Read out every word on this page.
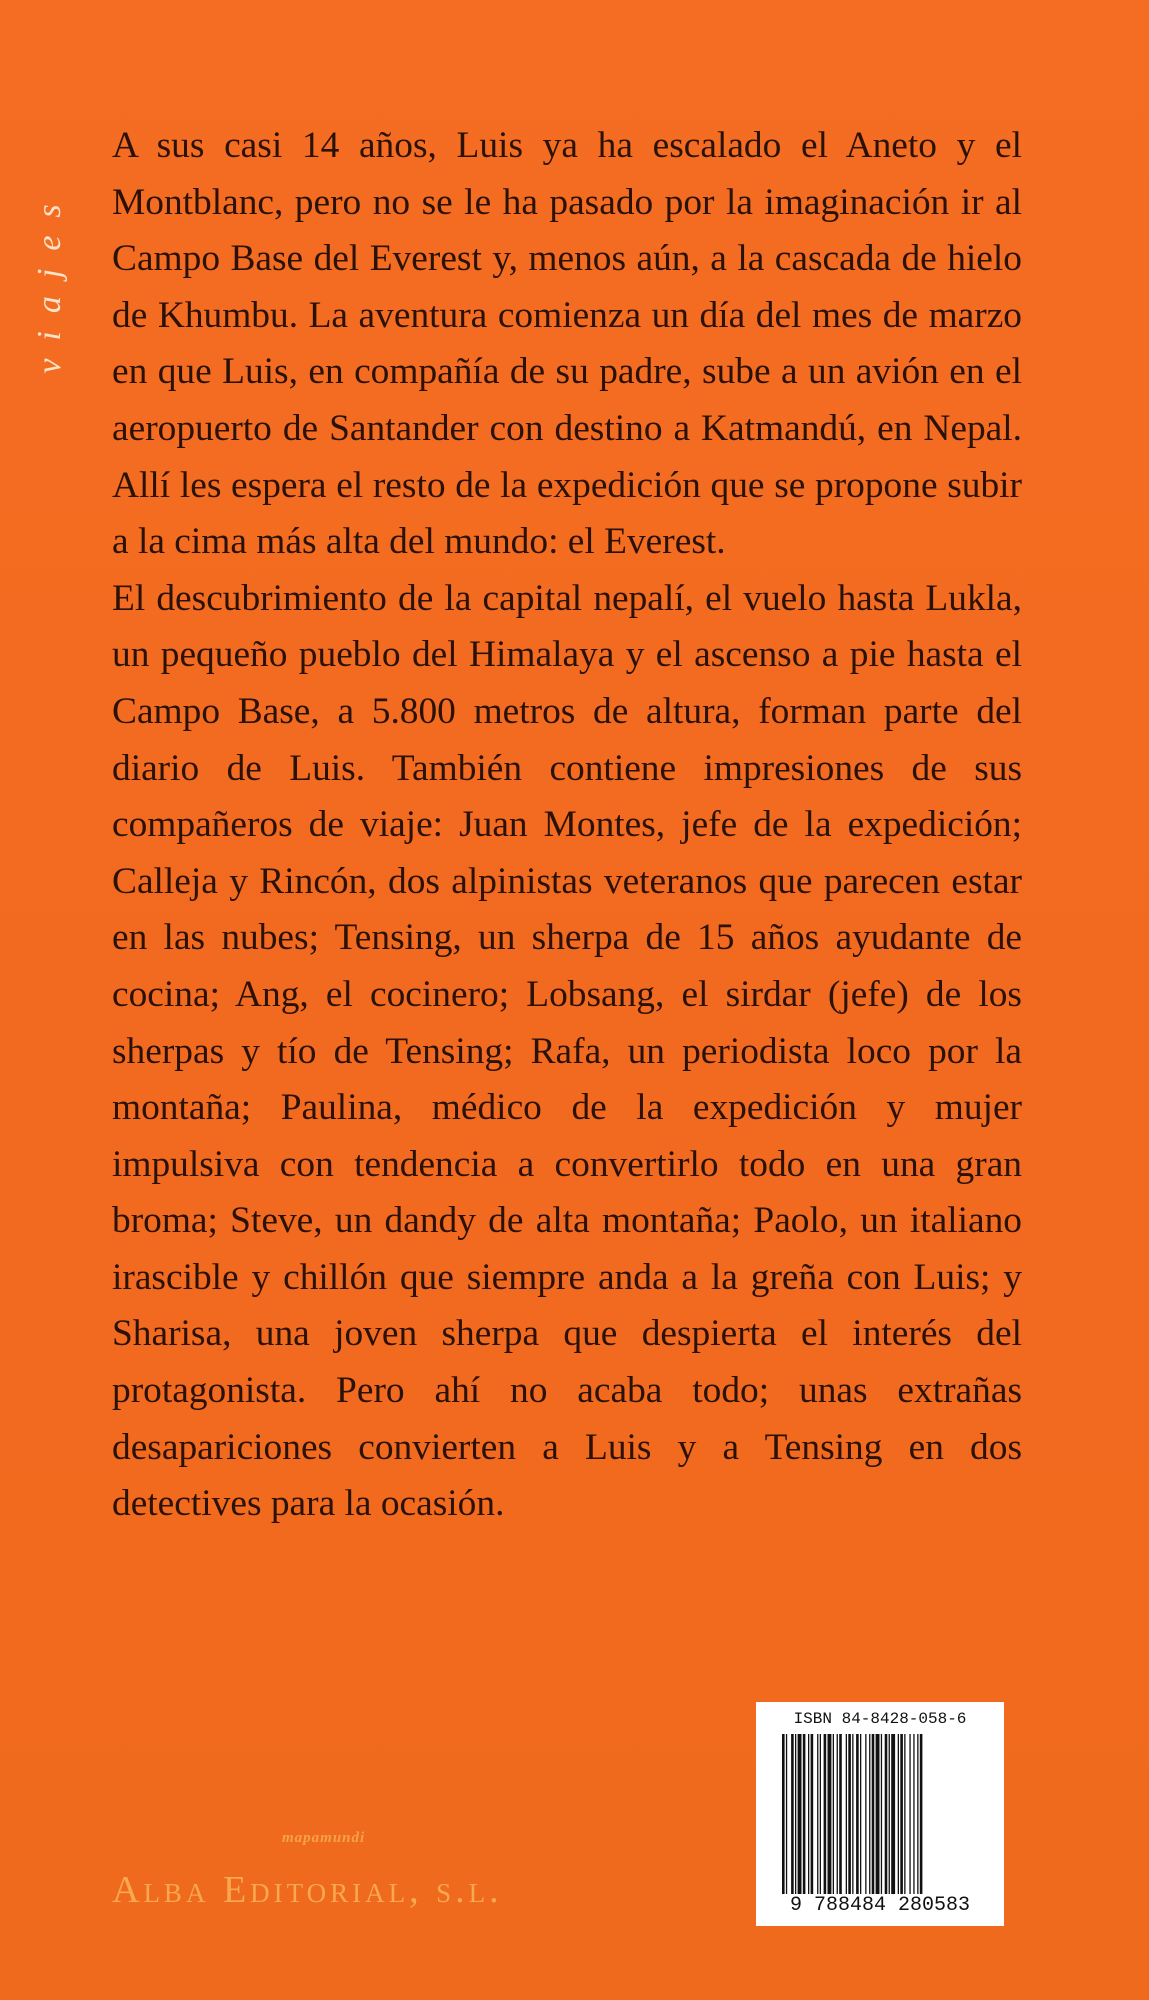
viajes

A sus casi 14 años, Luis ya ha escalado el Aneto y el Montblanc, pero no se le ha pasado por la imaginación ir al Campo Base del Everest y, menos aún, a la cascada de hielo de Khumbu. La aventura comienza un día del mes de marzo en que Luis, en compañía de su padre, sube a un avión en el aeropuerto de Santander con destino a Katmandú, en Nepal. Allí les espera el resto de la expedición que se propone subir a la cima más alta del mundo: el Everest.

El descubrimiento de la capital nepalí, el vuelo hasta Lukla, un pequeño pueblo del Himalaya y el ascenso a pie hasta el Campo Base, a 5.800 metros de altura, forman parte del diario de Luis. También contiene impresiones de sus compañeros de viaje: Juan Montes, jefe de la expedición; Calleja y Rincón, dos alpinistas veteranos que parecen estar en las nubes; Tensing, un sherpa de 15 años ayudante de cocina; Ang, el cocinero; Lobsang, el sirdar (jefe) de los sherpas y tío de Tensing; Rafa, un periodista loco por la montaña; Paulina, médico de la expedición y mujer impulsiva con tendencia a convertirlo todo en una gran broma; Steve, un dandy de alta montaña; Paolo, un italiano irascible y chillón que siempre anda a la greña con Luis; y Sharisa, una joven sherpa que despierta el interés del protagonista. Pero ahí no acaba todo; unas extrañas desapariciones convierten a Luis y a Tensing en dos detectives para la ocasión.

mapamundi
Alba Editorial, s.l.
ISBN 84-8428-058-6
9 788484 280583
